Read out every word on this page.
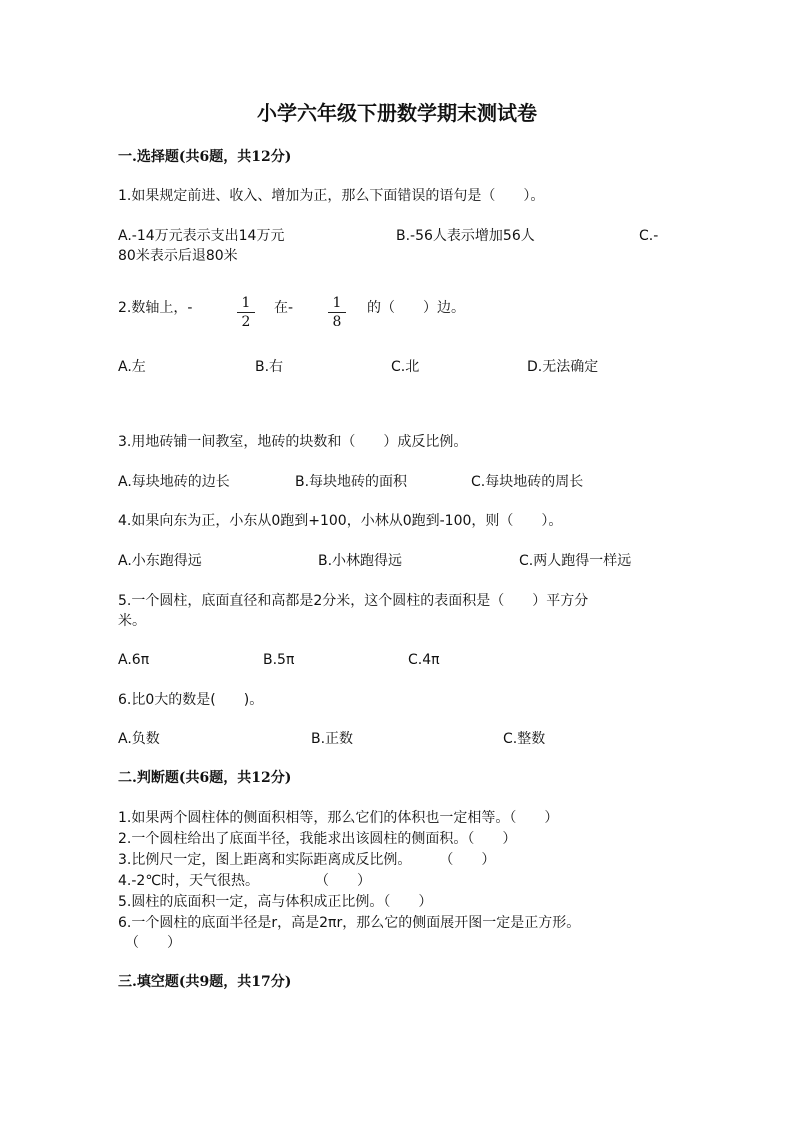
小学六年级下册数学期末测试卷
一.选择题(共6题，共12分)
1.如果规定前进、收入、增加为正，那么下面错误的语句是（　　）。
A.-14万元表示支出14万元	B.-56人表示增加56人	C.-
80米表示后退80米
2.数轴上，-	1
2
在-	1
8
的（　　）边。
A.左	B.右	C.北	D.无法确定
3.用地砖铺一间教室，地砖的块数和（　　）成反比例。
A.每块地砖的边长	B.每块地砖的面积	C.每块地砖的周长
4.如果向东为正，小东从0跑到+100，小林从0跑到-100，则（　　）。
A.小东跑得远	B.小林跑得远	C.两人跑得一样远
5.一个圆柱，底面直径和高都是2分米，这个圆柱的表面积是（　　）平方分
米。
A.6π	B.5π	C.4π
6.比0大的数是(　　)。
A.负数	B.正数	C.整数
二.判断题(共6题，共12分)
1.如果两个圆柱体的侧面积相等，那么它们的体积也一定相等。（　　）
2.一个圆柱给出了底面半径，我能求出该圆柱的侧面积。（　　）
3.比例尺一定，图上距离和实际距离成反比例。　　　（　　）
4.-2℃时，天气很热。　　　　　（　　）
5.圆柱的底面积一定，高与体积成正比例。（　　）
6.一个圆柱的底面半径是r，高是2πr，那么它的侧面展开图一定是正方形。
（　　）
三.填空题(共9题，共17分)
